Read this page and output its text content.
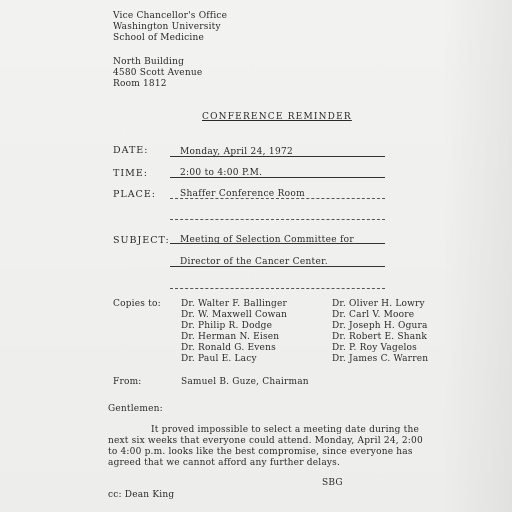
Vice Chancellor's Office
Washington University
School of Medicine
North Building
4580 Scott Avenue
Room 1812
CONFERENCE REMINDER
DATE:	Monday, April 24, 1972
TIME:	2:00 to 4:00 P.M.
PLACE:	Shaffer Conference Room
SUBJECT: Meeting of Selection Committee for
Director of the Cancer Center.
Copies to: Dr. Walter F. Ballinger
Dr. W. Maxwell Cowan
Dr. Philip R. Dodge
Dr. Herman N. Eisen
Dr. Ronald G. Evens
Dr. Paul E. Lacy
Dr. Oliver H. Lowry
Dr. Carl V. Moore
Dr. Joseph H. Ogura
Dr. Robert E. Shank
Dr. P. Roy Vagelos
Dr. James C. Warren
From:	Samuel B. Guze, Chairman
Gentlemen:
It proved impossible to select a meeting date during the
next six weeks that everyone could attend. Monday, April 24, 2:00
to 4:00 p.m. looks like the best compromise, since everyone has
agreed that we cannot afford any further delays.
SBG
cc: Dean King
